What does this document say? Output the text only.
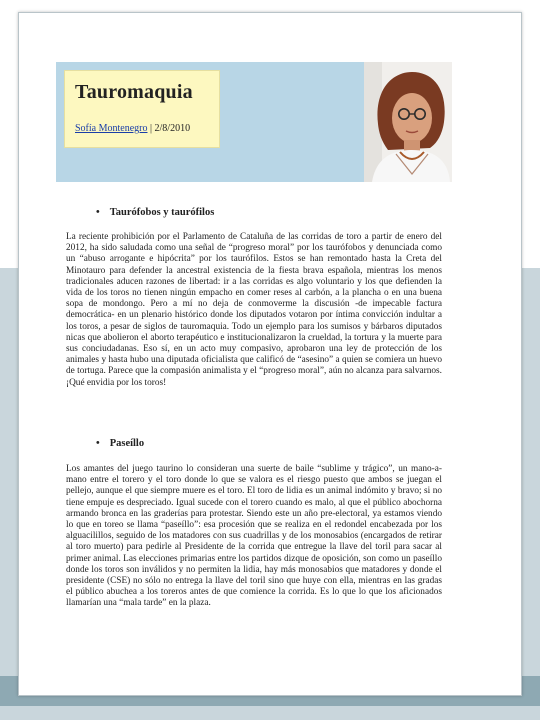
Tauromaquia
Sofía Montenegro | 2/8/2010
• Taurófobos y taurófilos

La reciente prohibición por el Parlamento de Cataluña de las corridas de toro a partir de enero del 2012, ha sido saludada como una señal de “progreso moral” por los taurófobos y denunciada como un “abuso arrogante e hipócrita” por los taurófilos. Estos se han remontado hasta la Creta del Minotauro para defender la ancestral existencia de la fiesta brava española, mientras los menos tradicionales aducen razones de libertad: ir a las corridas es algo voluntario y los que defienden la vida de los toros no tienen ningún empacho en comer reses al carbón, a la plancha o en una buena sopa de mondongo. Pero a mí no deja de conmoverme la discusión -de impecable factura democrática- en un plenario histórico donde los diputados votaron por íntima convicción indultar a los toros, a pesar de siglos de tauromaquia. Todo un ejemplo para los sumisos y bárbaros diputados nicas que abolieron el aborto terapéutico e institucionalizaron la crueldad, la tortura y la muerte para sus conciudadanas. Eso sí, en un acto muy compasivo, aprobaron una ley de protección de los animales y hasta hubo una diputada oficialista que calificó de “asesino” a quien se comiera un huevo de tortuga. Parece que la compasión animalista y el “progreso moral”, aún no alcanza para salvarnos. ¡Qué envidia por los toros!

• Paseíllo

Los amantes del juego taurino lo consideran una suerte de baile “sublime y trágico”, un mano-a-mano entre el torero y el toro donde lo que se valora es el riesgo puesto que ambos se juegan el pellejo, aunque el que siempre muere es el toro. El toro de lidia es un animal indómito y bravo; si no tiene empuje es despreciado. Igual sucede con el torero cuando es malo, al que el público abochorna armando bronca en las graderías para protestar. Siendo este un año pre-electoral, ya estamos viendo lo que en toreo se llama “paseíllo”: esa procesión que se realiza en el redondel encabezada por los alguacilillos, seguido de los matadores con sus cuadrillas y de los monosabios (encargados de retirar al toro muerto) para pedirle al Presidente de la corrida que entregue la llave del toril para sacar al primer animal. Las elecciones primarias entre los partidos dizque de oposición, son como un paseíllo donde los toros son inválidos y no permiten la lidia, hay más monosabios que matadores y donde el presidente (CSE) no sólo no entrega la llave del toril sino que huye con ella, mientras en las gradas el público abuchea a los toreros antes de que comience la corrida. Es lo que lo que los aficionados llamarían una “mala tarde” en la plaza.
